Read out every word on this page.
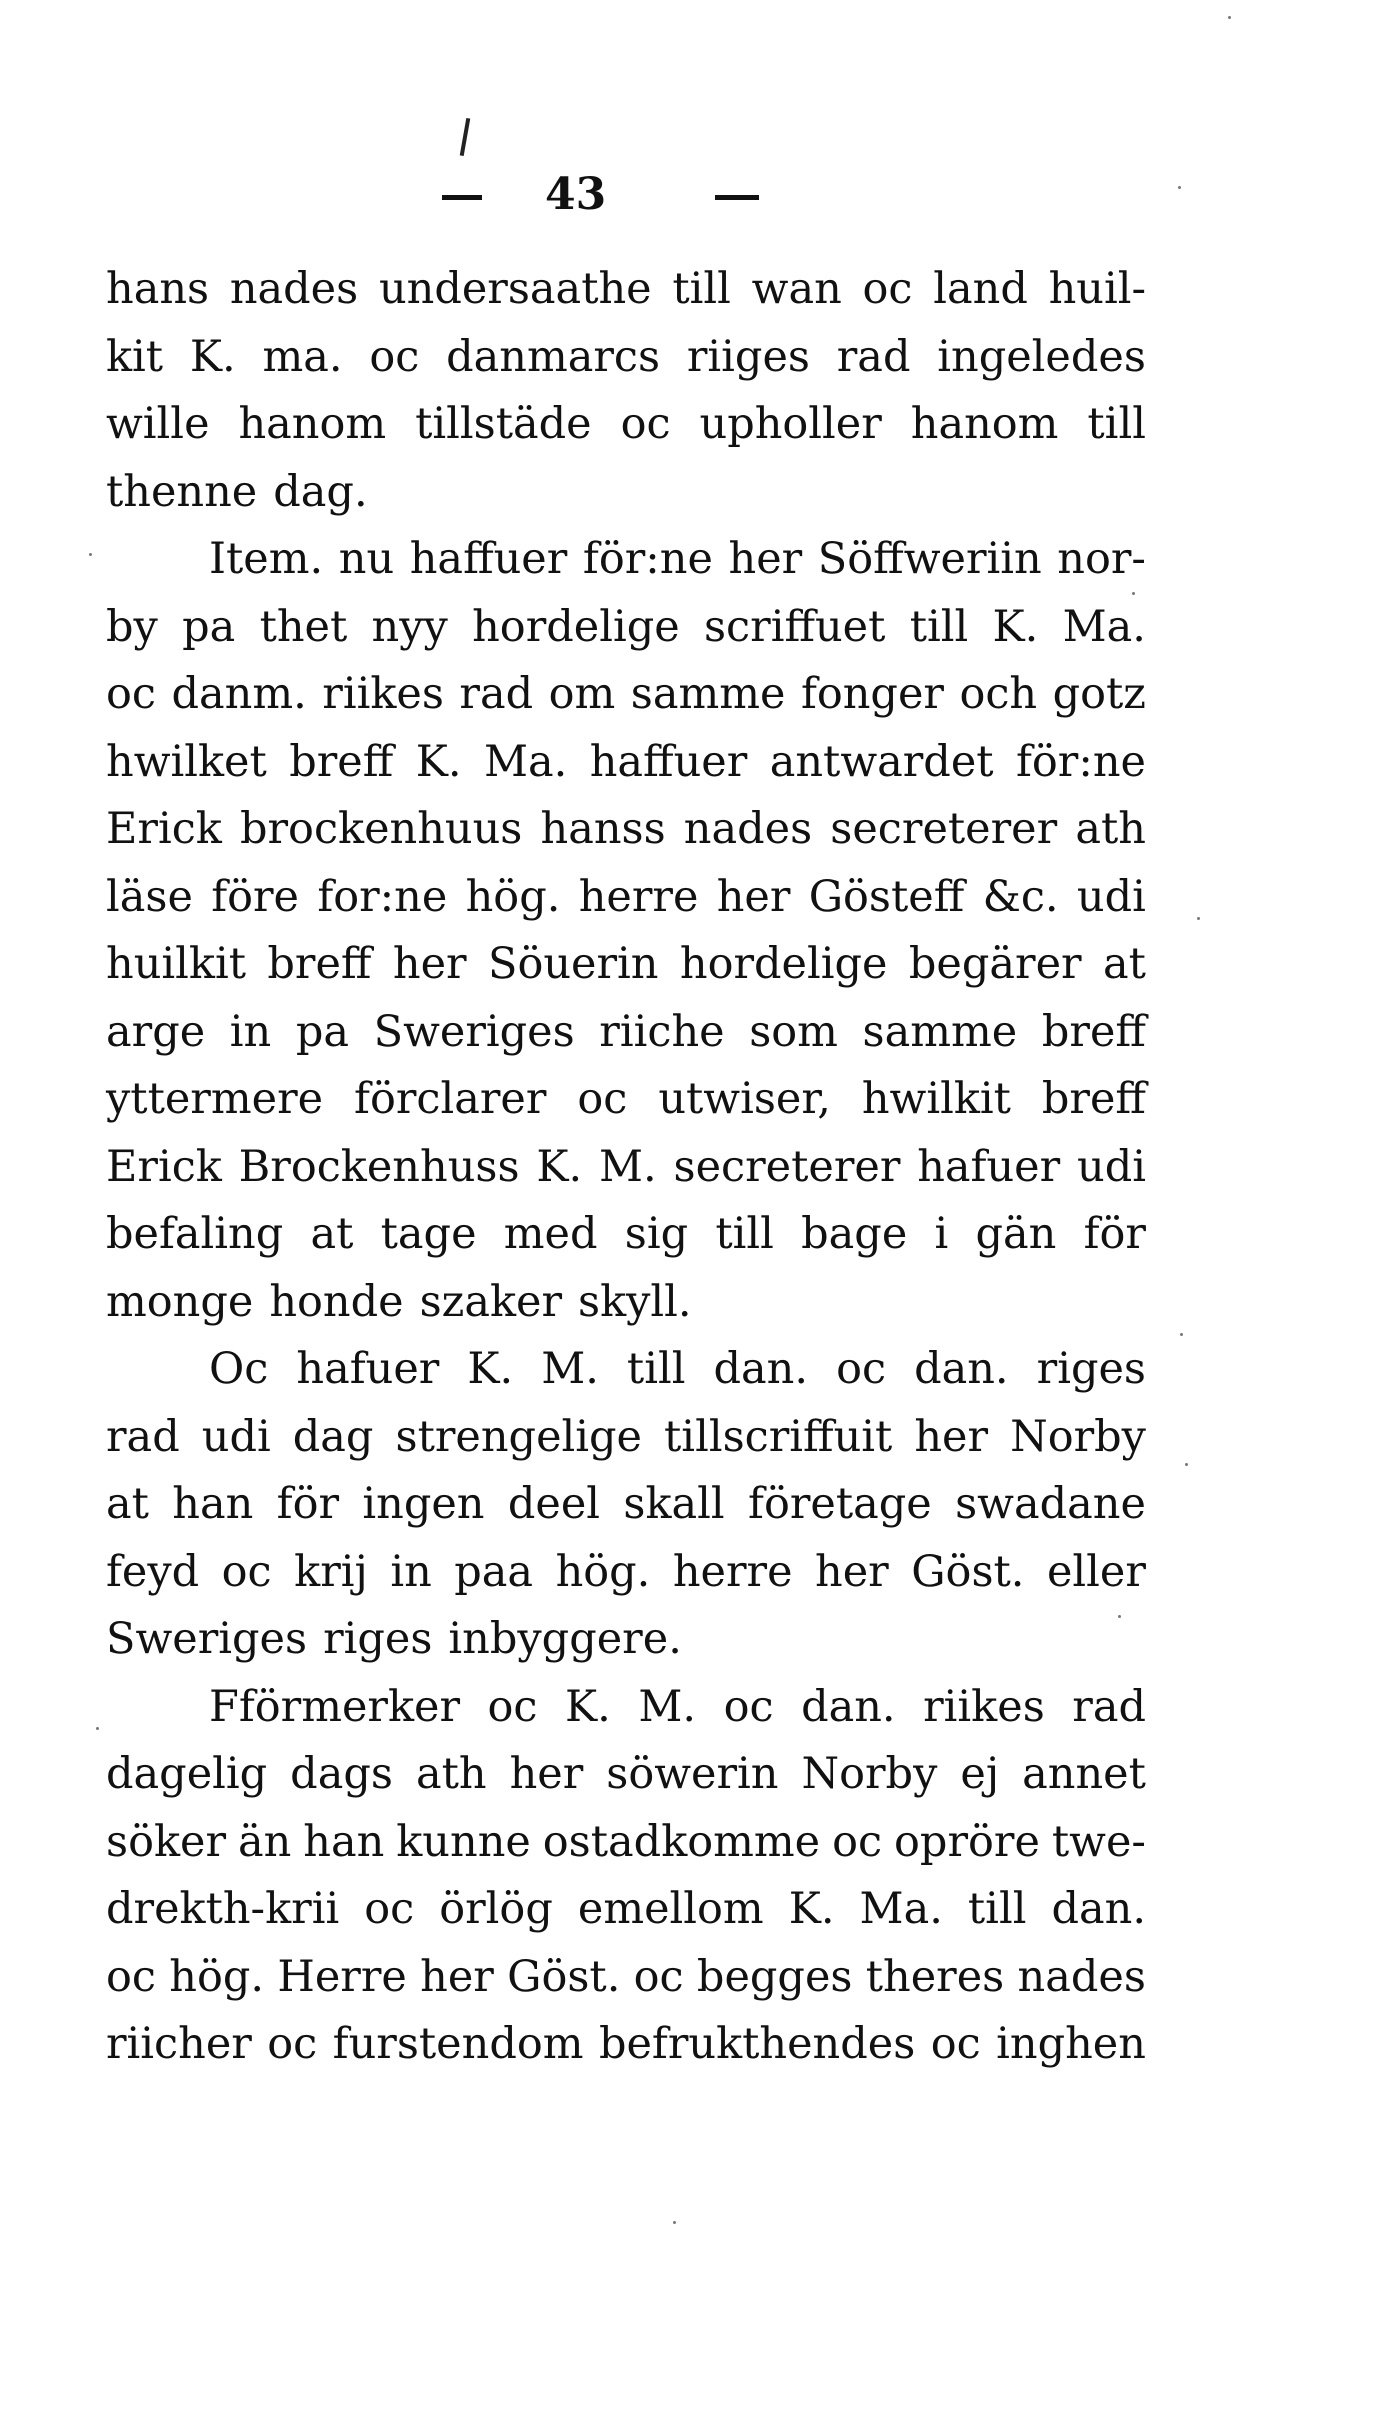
43
hans nades undersaathe till wan oc land huil-
kit K. ma. oc danmarcs riiges rad ingeledes
wille hanom tillstäde oc upholler hanom till
thenne dag.
Item. nu haffuer för:ne her Söffweriin nor-
by pa thet nyy hordelige scriffuet till K. Ma.
oc danm. riikes rad om samme fonger och gotz
hwilket breff K. Ma. haffuer antwardet för:ne
Erick brockenhuus hanss nades secreterer ath
läse före for:ne hög. herre her Gösteff &c. udi
huilkit breff her Söuerin hordelige begärer at
arge in pa Sweriges riiche som samme breff
yttermere förclarer oc utwiser, hwilkit breff
Erick Brockenhuss K. M. secreterer hafuer udi
befaling at tage med sig till bage i gän för
monge honde szaker skyll.
Oc hafuer K. M. till dan. oc dan. riges
rad udi dag strengelige tillscriffuit her Norby
at han för ingen deel skall företage swadane
feyd oc krij in paa hög. herre her Göst. eller
Sweriges riges inbyggere.
Fförmerker oc K. M. oc dan. riikes rad
dagelig dags ath her söwerin Norby ej annet
söker än han kunne ostadkomme oc opröre twe-
drekth-krii oc örlög emellom K. Ma. till dan.
oc hög. Herre her Göst. oc begges theres nades
riicher oc furstendom befrukthendes oc inghen
